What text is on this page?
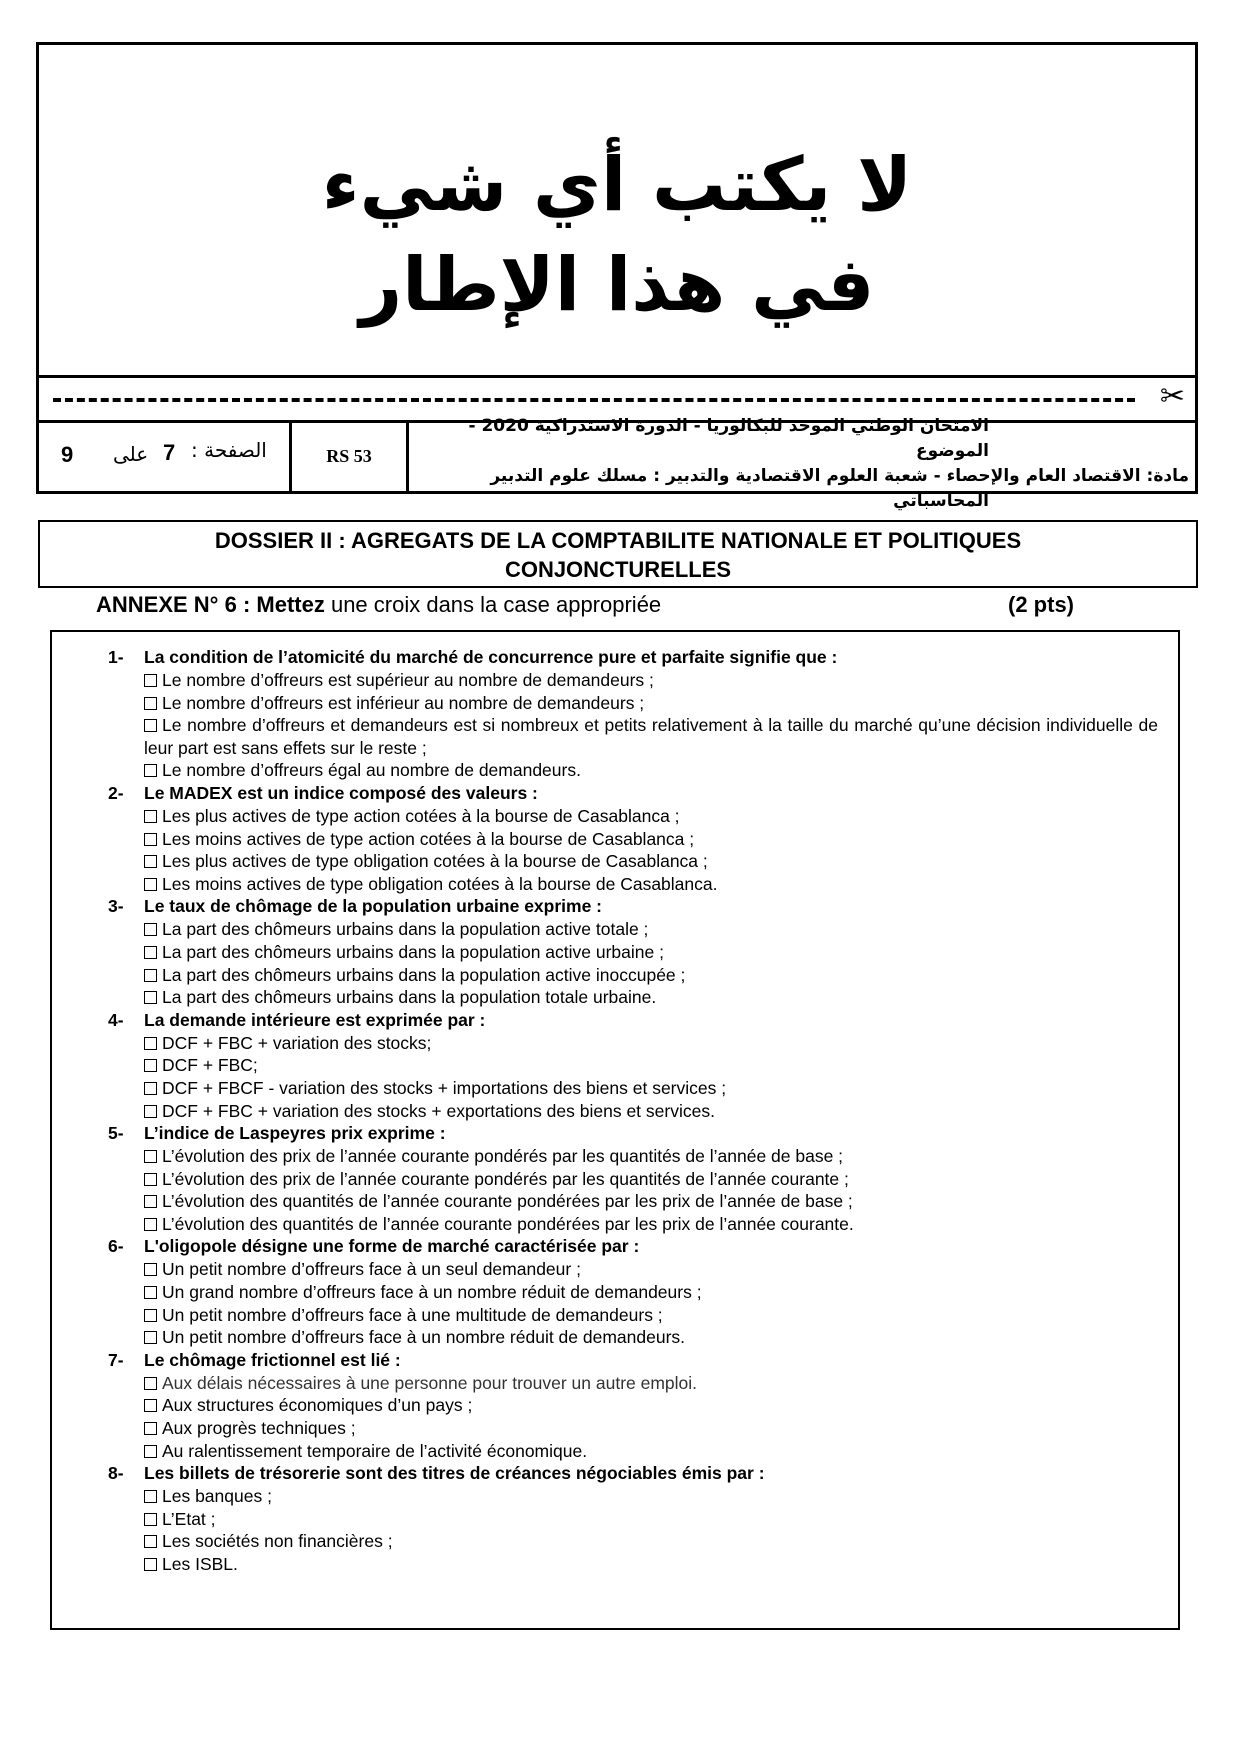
لا يكتب أي شيء
في هذا الإطار
✂
9 على 7 الصفحة :	RS 53
الامتحان الوطني الموحد للبكالوريا - الدورة الاستدراكية 2020 - الموضوع
مادة: الاقتصاد العام والإحصاء - شعبة العلوم الاقتصادية والتدبير : مسلك علوم التدبير
المحاسباتي
DOSSIER II : AGREGATS DE LA COMPTABILITE NATIONALE ET POLITIQUES
CONJONCTURELLES
ANNEXE N° 6 : Mettez une croix dans la case appropriée	(2 pts)
1-	La condition de l’atomicité du marché de concurrence pure et parfaite signifie que :
Le nombre d’offreurs est supérieur au nombre de demandeurs ;
Le nombre d’offreurs est inférieur au nombre de demandeurs ;
Le nombre d’offreurs et demandeurs est si nombreux et petits relativement à la taille du marché qu’une décision individuelle de leur part est sans effets sur le reste ;
Le nombre d’offreurs égal au nombre de demandeurs.
2-	Le MADEX est un indice composé des valeurs :
Les plus actives de type action cotées à la bourse de Casablanca ;
Les moins actives de type action cotées à la bourse de Casablanca ;
Les plus actives de type obligation cotées à la bourse de Casablanca ;
Les moins actives de type obligation cotées à la bourse de Casablanca.
3-	Le taux de chômage de la population urbaine exprime :
La part des chômeurs urbains dans la population active totale ;
La part des chômeurs urbains dans la population active urbaine ;
La part des chômeurs urbains dans la population active inoccupée ;
La part des chômeurs urbains dans la population totale urbaine.
4-	La demande intérieure est exprimée par :
DCF + FBC + variation des stocks;
DCF + FBC;
DCF + FBCF - variation des stocks + importations des biens et services ;
DCF + FBC + variation des stocks + exportations des biens et services.
5-	L’indice de Laspeyres prix exprime :
L’évolution des prix de l’année courante pondérés par les quantités de l’année de base ;
L’évolution des prix de l’année courante pondérés par les quantités de l’année courante ;
L’évolution des quantités de l’année courante pondérées par les prix de l’année de base ;
L’évolution des quantités de l’année courante pondérées par les prix de l’année courante.
6-	L'oligopole désigne une forme de marché caractérisée par :
Un petit nombre d’offreurs face à un seul demandeur ;
Un grand nombre d’offreurs face à un nombre réduit de demandeurs ;
Un petit nombre d’offreurs face à une multitude de demandeurs ;
Un petit nombre d’offreurs face à un nombre réduit de demandeurs.
7-	Le chômage frictionnel est lié :
Aux délais nécessaires à une personne pour trouver un autre emploi.
Aux structures économiques d’un pays ;
Aux progrès techniques ;
Au ralentissement temporaire de l’activité économique.
8-	Les billets de trésorerie sont des titres de créances négociables émis par :
Les banques ;
L’Etat ;
Les sociétés non financières ;
Les ISBL.
